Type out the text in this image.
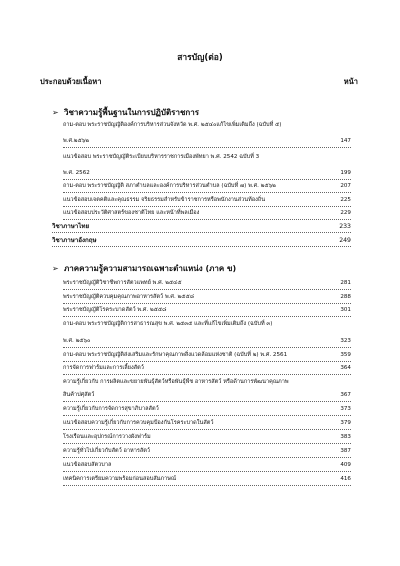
สารบัญ(ต่อ)
ประกอบด้วยเนื้อหา	หน้า
➢ วิชาความรู้พื้นฐานในการปฏิบัติราชการ
ถาม-ตอบ พระราชบัญญัติองค์การบริหารส่วนจังหวัด พ.ศ. ๒๕๔๐แก้ไขเพิ่มเติมถึง (ฉบับที่ ๕)
พ.ศ.๒๕๖๒	147
แนวข้อสอบ พระราชบัญญัติระเบียบบริหารราชการเมืองพัทยา พ.ศ. 2542 ฉบับที่ 3
พ.ศ. 2562	199
ถาม-ตอบ พระราชบัญญัติ สภาตำบลและองค์การบริหารส่วนตำบล (ฉบับที่ ๗) พ.ศ. ๒๕๖๒	207
แนวข้อสอบเจตคติและคุณธรรม จริยธรรมสำหรับข้าราชการหรือพนักงานส่วนท้องถิ่น	225
แนวข้อสอบประวัติศาสตร์ของชาติไทย และหน้าที่พลเมือง	229
วิชาภาษาไทย	233
วิชาภาษาอังกฤษ	249
➢ ภาคความรู้ความสามารถเฉพาะตำแหน่ง (ภาค ข)
พระราชบัญญัติวิชาชีพการสัตวแพทย์ พ.ศ. ๒๕๔๕	281
พระราชบัญญัติควบคุมคุณภาพอาหารสัตว์ พ.ศ. ๒๕๕๘	288
พระราชบัญญัติโรคระบาดสัตว์ พ.ศ. ๒๕๕๘	301
ถาม-ตอบ พระราชบัญญัติการสาธารณสุข พ.ศ. ๒๕๓๕ และที่แก้ไขเพิ่มเติมถึง (ฉบับที่ ๓)
พ.ศ. ๒๕๖๐	323
ถาม-ตอบ พระราชบัญญัติส่งเสริมและรักษาคุณภาพสิ่งแวดล้อมแห่งชาติ (ฉบับที่ ๒) พ.ศ. 2561	359
การจัดการฟาร์มและการเลี้ยงสัตว์	364
ความรู้เกี่ยวกับ การผลิตและขยายพันธุ์สัตว์หรือพันธุ์พืช อาหารสัตว์ หรือด้านการพัฒนาคุณภาพ
สินค้าปศุสัตว์	367
ความรู้เกี่ยวกับการจัดการสุขาภิบาลสัตว์	373
แนวข้อสอบความรู้เกี่ยวกับการควบคุมป้องกันโรคระบาดในสัตว์	379
โรงเรือนและอุปกรณ์การวางผังฟาร์ม	383
ความรู้ทั่วไปเกี่ยวกับสัตว์ อาหารสัตว์	387
แนวข้อสอบสัตวบาล	409
เทคนิคการเตรียมความพร้อมก่อนสอบสัมภาษณ์	416
